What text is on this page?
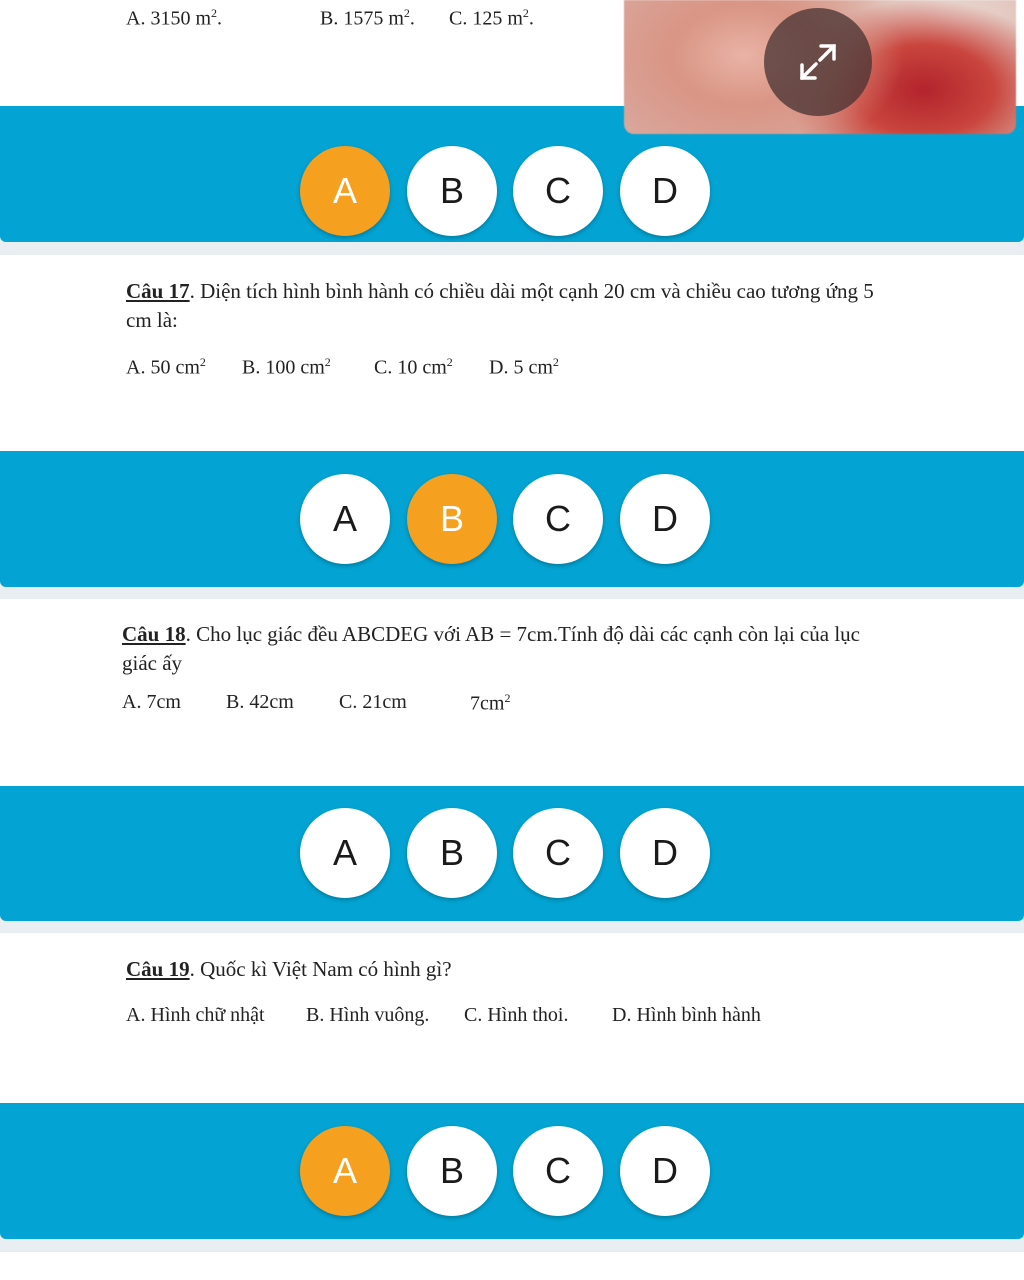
A. 3150 $m^2$.	B. 1575 $m^2$. C. 125 $m^2$.
A	B	C	D
Câu 17. Diện tích hình bình hành có chiều dài một cạnh 20 cm và chiều cao tương ứng 5
cm là:
A. 50 $cm^2$ B. 100 $cm^2$ C. 10 $cm^2$ D. 5 $cm^2$
A	B	C	D
Câu 18. Cho lục giác đều ABCDEG với AB = 7cm.Tính độ dài các cạnh còn lại của lục
giác ấy
A. 7cm B. 42cm C. 21cm	$7cm^2$
A	B	C	D
Câu 19. Quốc kì Việt Nam có hình gì?
A. Hình chữ nhật B. Hình vuông. C. Hình thoi. D. Hình bình hành
A	B	C	D
